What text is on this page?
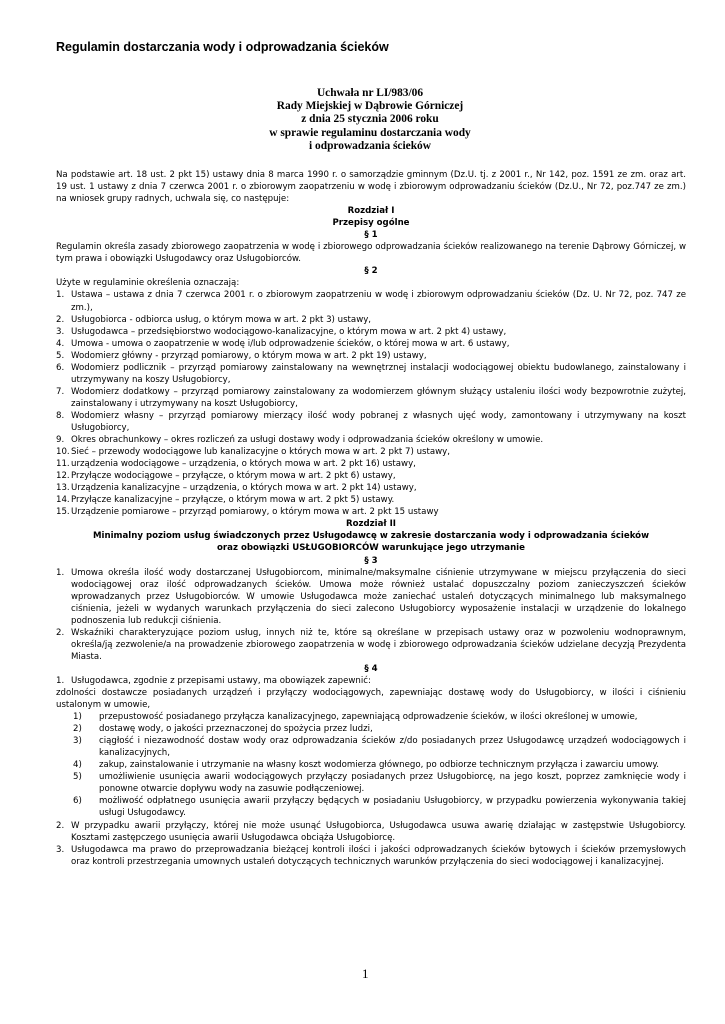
Regulamin dostarczania wody i odprowadzania ścieków
Uchwała nr LI/983/06
Rady Miejskiej w Dąbrowie Górniczej
z dnia 25 stycznia 2006 roku
w sprawie regulaminu dostarczania wody
i odprowadzania ścieków

Na podstawie art. 18 ust. 2 pkt 15) ustawy dnia 8 marca 1990 r. o samorządzie gminnym (Dz.U. tj. z 2001 r., Nr 142, poz. 1591 ze zm. oraz art. 19 ust. 1 ustawy z dnia 7 czerwca 2001 r. o zbiorowym zaopatrzeniu w wodę i zbiorowym odprowadzaniu ścieków (Dz.U., Nr 72, poz.747 ze zm.) na wniosek grupy radnych, uchwala się, co następuje:

Rozdział I

Przepisy ogólne

§ 1

Regulamin określa zasady zbiorowego zaopatrzenia w wodę i zbiorowego odprowadzania ścieków realizowanego na terenie Dąbrowy Górniczej, w tym prawa i obowiązki Usługodawcy oraz Usługobiorców.

§ 2

Użyte w regulaminie określenia oznaczają:

1. Ustawa – ustawa z dnia 7 czerwca 2001 r. o zbiorowym zaopatrzeniu w wodę i zbiorowym odprowadzaniu ścieków (Dz. U. Nr 72, poz. 747 ze zm.),
2. Usługobiorca - odbiorca usług, o którym mowa w art. 2 pkt 3) ustawy,
3. Usługodawca – przedsiębiorstwo wodociągowo-kanalizacyjne, o którym mowa w art. 2 pkt 4) ustawy,
4. Umowa - umowa o zaopatrzenie w wodę i/lub odprowadzenie ścieków, o której mowa w art. 6 ustawy,
5. Wodomierz główny - przyrząd pomiarowy, o którym mowa w art. 2 pkt 19) ustawy,
6. Wodomierz podlicznik – przyrząd pomiarowy zainstalowany na wewnętrznej instalacji wodociągowej obiektu budowlanego, zainstalowany i utrzymywany na koszy Usługobiorcy,
7. Wodomierz dodatkowy – przyrząd pomiarowy zainstalowany za wodomierzem głównym służący ustaleniu ilości wody bezpowrotnie zużytej, zainstalowany i utrzymywany na koszt Usługobiorcy,
8. Wodomierz własny – przyrząd pomiarowy mierzący ilość wody pobranej z własnych ujęć wody, zamontowany i utrzymywany na koszt Usługobiorcy,
9. Okres obrachunkowy – okres rozliczeń za usługi dostawy wody i odprowadzania ścieków określony w umowie.
10. Sieć – przewody wodociągowe lub kanalizacyjne o których mowa w art. 2 pkt 7) ustawy,
11. urządzenia wodociągowe – urządzenia, o których mowa w art. 2 pkt 16) ustawy,
12. Przyłącze wodociągowe – przyłącze, o którym mowa w art. 2 pkt 6) ustawy,
13. Urządzenia kanalizacyjne – urządzenia, o których mowa w art. 2 pkt 14) ustawy,
14. Przyłącze kanalizacyjne – przyłącze, o którym mowa w art. 2 pkt 5) ustawy.
15. Urządzenie pomiarowe – przyrząd pomiarowy, o którym mowa w art. 2 pkt 15 ustawy

Rozdział II

Minimalny poziom usług świadczonych przez Usługodawcę w zakresie dostarczania wody i odprowadzania ścieków

oraz obowiązki USŁUGOBIORCÓW warunkujące jego utrzymanie

§ 3

1. Umowa określa ilość wody dostarczanej Usługobiorcom, minimalne/maksymalne ciśnienie utrzymywane w miejscu przyłączenia do sieci wodociągowej oraz ilość odprowadzanych ścieków. Umowa może również ustalać dopuszczalny poziom zanieczyszczeń ścieków wprowadzanych przez Usługobiorców. W umowie Usługodawca może zaniechać ustaleń dotyczących minimalnego lub maksymalnego ciśnienia, jeżeli w wydanych warunkach przyłączenia do sieci zalecono Usługobiorcy wyposażenie instalacji w urządzenie do lokalnego podnoszenia lub redukcji ciśnienia.
2. Wskaźniki charakteryzujące poziom usług, innych niż te, które są określane w przepisach ustawy oraz w pozwoleniu wodnoprawnym, określa/ją zezwolenie/a na prowadzenie zbiorowego zaopatrzenia w wodę i zbiorowego odprowadzania ścieków udzielane decyzją Prezydenta Miasta.

§ 4

1. Usługodawca, zgodnie z przepisami ustawy, ma obowiązek zapewnić:

zdolności dostawcze posiadanych urządzeń i przyłączy wodociągowych, zapewniając dostawę wody do Usługobiorcy, w ilości i ciśnieniu ustalonym w umowie,

1) przepustowość posiadanego przyłącza kanalizacyjnego, zapewniającą odprowadzenie ścieków, w ilości określonej w umowie,
2) dostawę wody, o jakości przeznaczonej do spożycia przez ludzi,
3) ciągłość i niezawodność dostaw wody oraz odprowadzania ścieków z/do posiadanych przez Usługodawcę urządzeń wodociągowych i kanalizacyjnych,
4) zakup, zainstalowanie i utrzymanie na własny koszt wodomierza głównego, po odbiorze technicznym przyłącza i zawarciu umowy.
5) umożliwienie usunięcia awarii wodociągowych przyłączy posiadanych przez Usługobiorcę, na jego koszt, poprzez zamknięcie wody i ponowne otwarcie dopływu wody na zasuwie podłączeniowej.
6) możliwość odpłatnego usunięcia awarii przyłączy będących w posiadaniu Usługobiorcy, w przypadku powierzenia wykonywania takiej usługi Usługodawcy.
2. W przypadku awarii przyłączy, której nie może usunąć Usługobiorca, Usługodawca usuwa awarię działając w zastępstwie Usługobiorcy. Kosztami zastępczego usunięcia awarii Usługodawca obciąża Usługobiorcę.
3. Usługodawca ma prawo do przeprowadzania bieżącej kontroli ilości i jakości odprowadzanych ścieków bytowych i ścieków przemysłowych oraz kontroli przestrzegania umownych ustaleń dotyczących technicznych warunków przyłączenia do sieci wodociągowej i kanalizacyjnej.
1
